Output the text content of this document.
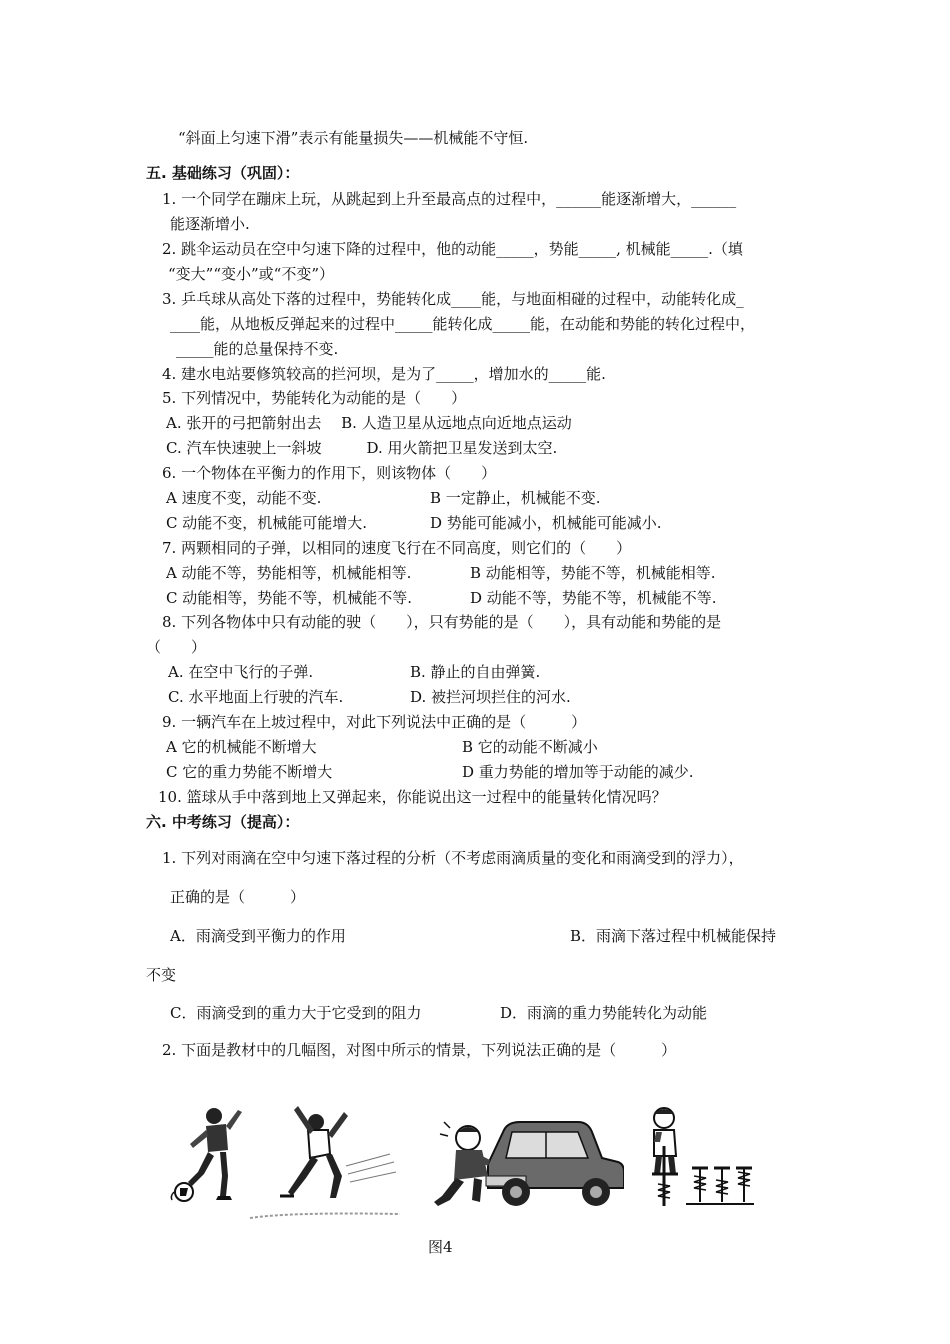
“斜面上匀速下滑”表示有能量损失——机械能不守恒.
五. 基础练习（巩固）：
1. 一个同学在蹦床上玩，从跳起到上升至最高点的过程中，______能逐渐增大，______
能逐渐增小.
2. 跳伞运动员在空中匀速下降的过程中，他的动能_____，势能_____, 机械能_____.（填
“变大”“变小”或“不变”）
3. 乒乓球从高处下落的过程中，势能转化成____能，与地面相碰的过程中，动能转化成_
____能，从地板反弹起来的过程中_____能转化成_____能，在动能和势能的转化过程中，
_____能的总量保持不变.
4. 建水电站要修筑较高的拦河坝，是为了_____，增加水的_____能.
5. 下列情况中，势能转化为动能的是（　　）
A. 张开的弓把箭射出去　 B. 人造卫星从远地点向近地点运动
C. 汽车快速驶上一斜坡　　　D. 用火箭把卫星发送到太空.
6. 一个物体在平衡力的作用下，则该物体（　　）
A 速度不变，动能不变.	B 一定静止，机械能不变.
C 动能不变，机械能可能增大.	D 势能可能减小，机械能可能减小.
7. 两颗相同的子弹，以相同的速度飞行在不同高度，则它们的（　　）
A 动能不等，势能相等，机械能相等.	B 动能相等，势能不等，机械能相等.
C 动能相等，势能不等，机械能不等.	D 动能不等，势能不等，机械能不等.
8. 下列各物体中只有动能的驶（　　），只有势能的是（　　），具有动能和势能的是
（　　）
A. 在空中飞行的子弹.	B. 静止的自由弹簧.
C. 水平地面上行驶的汽车.	D. 被拦河坝拦住的河水.
9. 一辆汽车在上坡过程中，对此下列说法中正确的是（　　　）
A 它的机械能不断增大	B 它的动能不断减小
C 它的重力势能不断增大	D 重力势能的增加等于动能的减少.
10. 篮球从手中落到地上又弹起来，你能说出这一过程中的能量转化情况吗？
六. 中考练习（提高）：
1. 下列对雨滴在空中匀速下落过程的分析（不考虑雨滴质量的变化和雨滴受到的浮力），
正确的是（　　　）
A．雨滴受到平衡力的作用	B．雨滴下落过程中机械能保持
不变
C．雨滴受到的重力大于它受到的阻力	D．雨滴的重力势能转化为动能
2. 下面是教材中的几幅图，对图中所示的情景，下列说法正确的是（　　　）
图4
